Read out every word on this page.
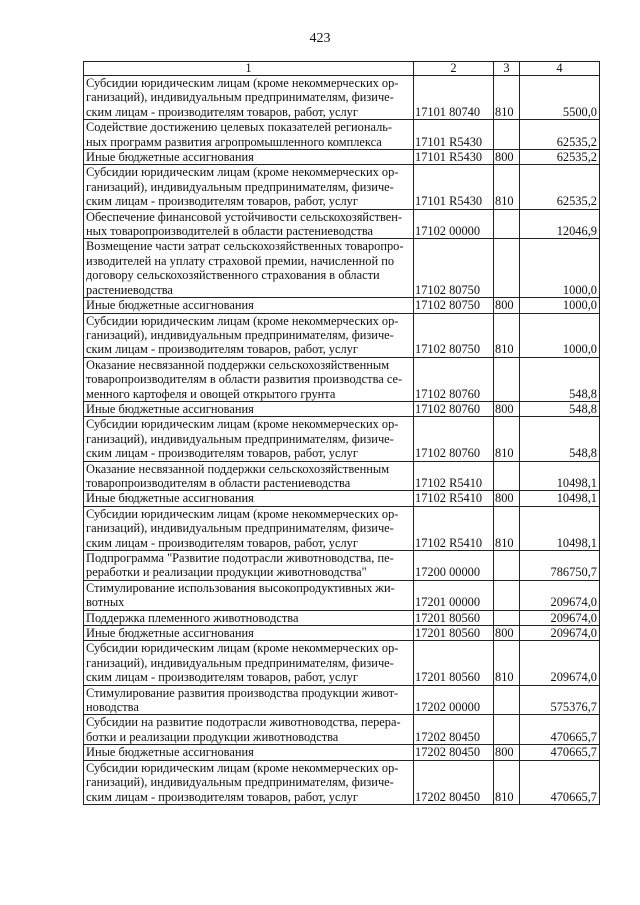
423
1	2	3	4
Субсидии юридическим лицам (кроме некоммерческих ор-
ганизаций), индивидуальным предпринимателям, физиче-
ским лицам - производителям товаров, работ, услуг	17101 80740	810	5500,0
Содействие достижению целевых показателей региональ-
ных программ развития агропромышленного комплекса	17101 R5430		62535,2
Иные бюджетные ассигнования	17101 R5430	800	62535,2
Субсидии юридическим лицам (кроме некоммерческих ор-
ганизаций), индивидуальным предпринимателям, физиче-
ским лицам - производителям товаров, работ, услуг	17101 R5430	810	62535,2
Обеспечение финансовой устойчивости сельскохозяйствен-
ных товаропроизводителей в области растениеводства	17102 00000		12046,9
Возмещение части затрат сельскохозяйственных товаропро-
изводителей на уплату страховой премии, начисленной по
договору сельскохозяйственного страхования в области
растениеводства	17102 80750		1000,0
Иные бюджетные ассигнования	17102 80750	800	1000,0
Субсидии юридическим лицам (кроме некоммерческих ор-
ганизаций), индивидуальным предпринимателям, физиче-
ским лицам - производителям товаров, работ, услуг	17102 80750	810	1000,0
Оказание несвязанной поддержки сельскохозяйственным
товаропроизводителям в области развития производства се-
менного картофеля и овощей открытого грунта	17102 80760		548,8
Иные бюджетные ассигнования	17102 80760	800	548,8
Субсидии юридическим лицам (кроме некоммерческих ор-
ганизаций), индивидуальным предпринимателям, физиче-
ским лицам - производителям товаров, работ, услуг	17102 80760	810	548,8
Оказание несвязанной поддержки сельскохозяйственным
товаропроизводителям в области растениеводства	17102 R5410		10498,1
Иные бюджетные ассигнования	17102 R5410	800	10498,1
Субсидии юридическим лицам (кроме некоммерческих ор-
ганизаций), индивидуальным предпринимателям, физиче-
ским лицам - производителям товаров, работ, услуг	17102 R5410	810	10498,1
Подпрограмма "Развитие подотрасли животноводства, пе-
реработки и реализации продукции животноводства"	17200 00000		786750,7
Стимулирование использования высокопродуктивных жи-
вотных	17201 00000		209674,0
Поддержка племенного животноводства	17201 80560		209674,0
Иные бюджетные ассигнования	17201 80560	800	209674,0
Субсидии юридическим лицам (кроме некоммерческих ор-
ганизаций), индивидуальным предпринимателям, физиче-
ским лицам - производителям товаров, работ, услуг	17201 80560	810	209674,0
Стимулирование развития производства продукции живот-
новодства	17202 00000		575376,7
Субсидии на развитие подотрасли животноводства, перера-
ботки и реализации продукции животноводства	17202 80450		470665,7
Иные бюджетные ассигнования	17202 80450	800	470665,7
Субсидии юридическим лицам (кроме некоммерческих ор-
ганизаций), индивидуальным предпринимателям, физиче-
ским лицам - производителям товаров, работ, услуг	17202 80450	810	470665,7
